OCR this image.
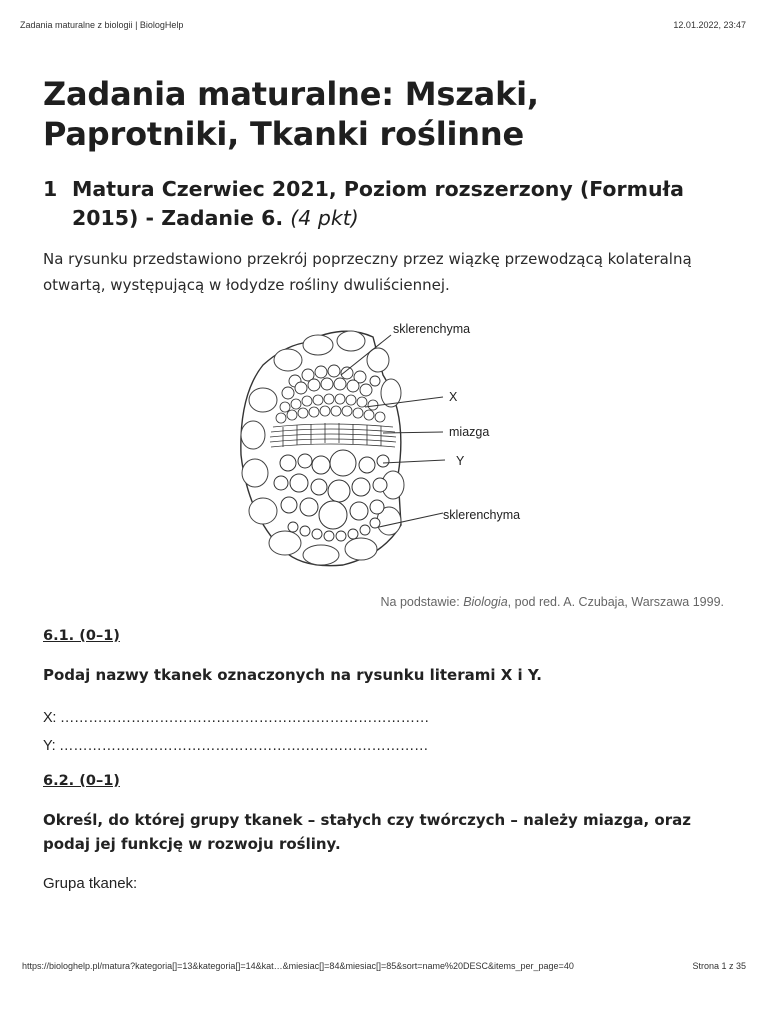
Zadania maturalne z biologii | BiologHelp	12.01.2022, 23:47
Zadania maturalne: Mszaki, Paprotniki, Tkanki roślinne
1 Matura Czerwiec 2021, Poziom rozszerzony (Formuła 2015) - Zadanie 6. (4 pkt)

Na rysunku przedstawiono przekrój poprzeczny przez wiązkę przewodzącą kolateralną otwartą, występującą w łodydze rośliny dwuliściennej.

sklerenchyma
X
miazga
Y
sklerenchyma

Na podstawie: Biologia, pod red. A. Czubaja, Warszawa 1999.

6.1. (0–1)

Podaj nazwy tkanek oznaczonych na rysunku literami X i Y.

X: ……………………………………………………………………

Y: ……………………………………………………………………

6.2. (0–1)

Określ, do której grupy tkanek – stałych czy twórczych – należy miazga, oraz podaj jej funkcję w rozwoju rośliny.

Grupa tkanek:

https://biologhelp.pl/matura?kategoria[]=13&kategoria[]=14&kat…&miesiac[]=84&miesiac[]=85&sort=name%20DESC&items_per_page=40	Strona 1 z 35
